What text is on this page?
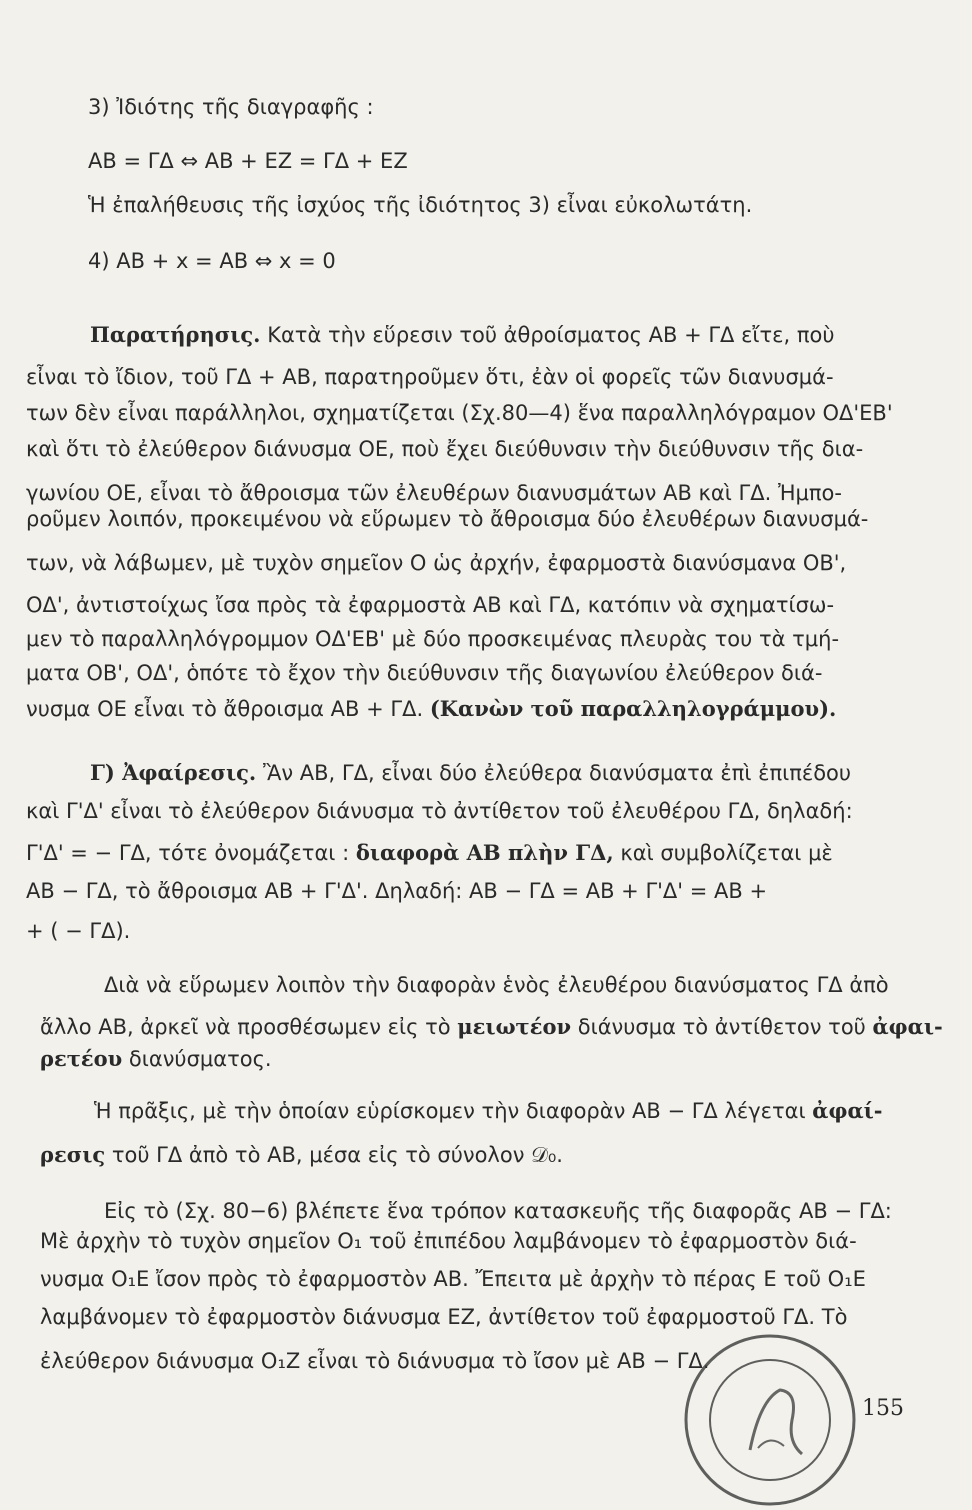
3) Ἰδιότης τῆς διαγραφῆς :
AB = ΓΔ ⇔ AB + EZ = ΓΔ + EZ
Ἡ ἐπαλήθευσις τῆς ἰσχύος τῆς ἰδιότητος 3) εἶναι εὐκολωτάτη.
4) AB + x = AB ⇔ x = 0
Παρατήρησις. Κατὰ τὴν εὕρεσιν τοῦ ἀθροίσματος AB + ΓΔ εἴτε, ποὺ
εἶναι τὸ ἴδιον, τοῦ ΓΔ + AB, παρατηροῦμεν ὅτι, ἐὰν οἱ φορεῖς τῶν διανυσμά-
των δὲν εἶναι παράλληλοι, σχηματίζεται (Σχ.80—4) ἕνα παραλληλόγραμον ΟΔ'ΕΒ'
καὶ ὅτι τὸ ἐλεύθερον διάνυσμα ΟΕ, ποὺ ἔχει διεύθυνσιν τὴν διεύθυνσιν τῆς δια-
γωνίου ΟΕ, εἶναι τὸ ἄθροισμα τῶν ἐλευθέρων διανυσμάτων AB καὶ ΓΔ. Ἠμπο-
ροῦμεν λοιπόν, προκειμένου νὰ εὕρωμεν τὸ ἄθροισμα δύο ἐλευθέρων διανυσμά-
των, νὰ λάβωμεν, μὲ τυχὸν σημεῖον Ο ὡς ἀρχήν, ἐφαρμοστὰ διανύσμανα ΟΒ',
ΟΔ', ἀντιστοίχως ἴσα πρὸς τὰ ἐφαρμοστὰ AB καὶ ΓΔ, κατόπιν νὰ σχηματίσω-
μεν τὸ παραλληλόγρομμον ΟΔ'ΕΒ' μὲ δύο προσκειμένας πλευρὰς του τὰ τμή-
ματα ΟΒ', ΟΔ', ὁπότε τὸ ἔχον τὴν διεύθυνσιν τῆς διαγωνίου ἐλεύθερον διά-
νυσμα ΟΕ εἶναι τὸ ἄθροισμα AB + ΓΔ. (Κανὼν τοῦ παραλληλογράμμου).
Γ) Ἀφαίρεσις. Ἂν AB, ΓΔ, εἶναι δύο ἐλεύθερα διανύσματα ἐπὶ ἐπιπέδου
καὶ Γ'Δ' εἶναι τὸ ἐλεύθερον διάνυσμα τὸ ἀντίθετον τοῦ ἐλευθέρου ΓΔ, δηλαδή:
Γ'Δ' = − ΓΔ, τότε ὀνομάζεται : διαφορὰ AB πλὴν ΓΔ, καὶ συμβολίζεται μὲ
AB − ΓΔ, τὸ ἄθροισμα AB + Γ'Δ'. Δηλαδή: AB − ΓΔ = AB + Γ'Δ' = AB +
+ ( − ΓΔ).
Διὰ νὰ εὕρωμεν λοιπὸν τὴν διαφορὰν ἑνὸς ἐλευθέρου διανύσματος ΓΔ ἀπὸ
ἄλλο AB, ἀρκεῖ νὰ προσθέσωμεν εἰς τὸ μειωτέον διάνυσμα τὸ ἀντίθετον τοῦ ἀφαι-
ρετέου διανύσματος.
Ἡ πρᾶξις, μὲ τὴν ὁποίαν εὑρίσκομεν τὴν διαφορὰν AB − ΓΔ λέγεται ἀφαί-
ρεσις τοῦ ΓΔ ἀπὸ τὸ AB, μέσα εἰς τὸ σύνολον 𝒟₀.
Εἰς τὸ (Σχ. 80−6) βλέπετε ἕνα τρόπον κατασκευῆς τῆς διαφορᾶς AB − ΓΔ:
Μὲ ἀρχὴν τὸ τυχὸν σημεῖον Ο₁ τοῦ ἐπιπέδου λαμβάνομεν τὸ ἐφαρμοστὸν διά-
νυσμα Ο₁Ε ἴσον πρὸς τὸ ἐφαρμοστὸν AB. Ἔπειτα μὲ ἀρχὴν τὸ πέρας Ε τοῦ Ο₁Ε
λαμβάνομεν τὸ ἐφαρμοστὸν διάνυσμα EZ, ἀντίθετον τοῦ ἐφαρμοστοῦ ΓΔ. Τὸ
ἐλεύθερον διάνυσμα Ο₁Ζ εἶναι τὸ διάνυσμα τὸ ἴσον μὲ AB − ΓΔ.
155
